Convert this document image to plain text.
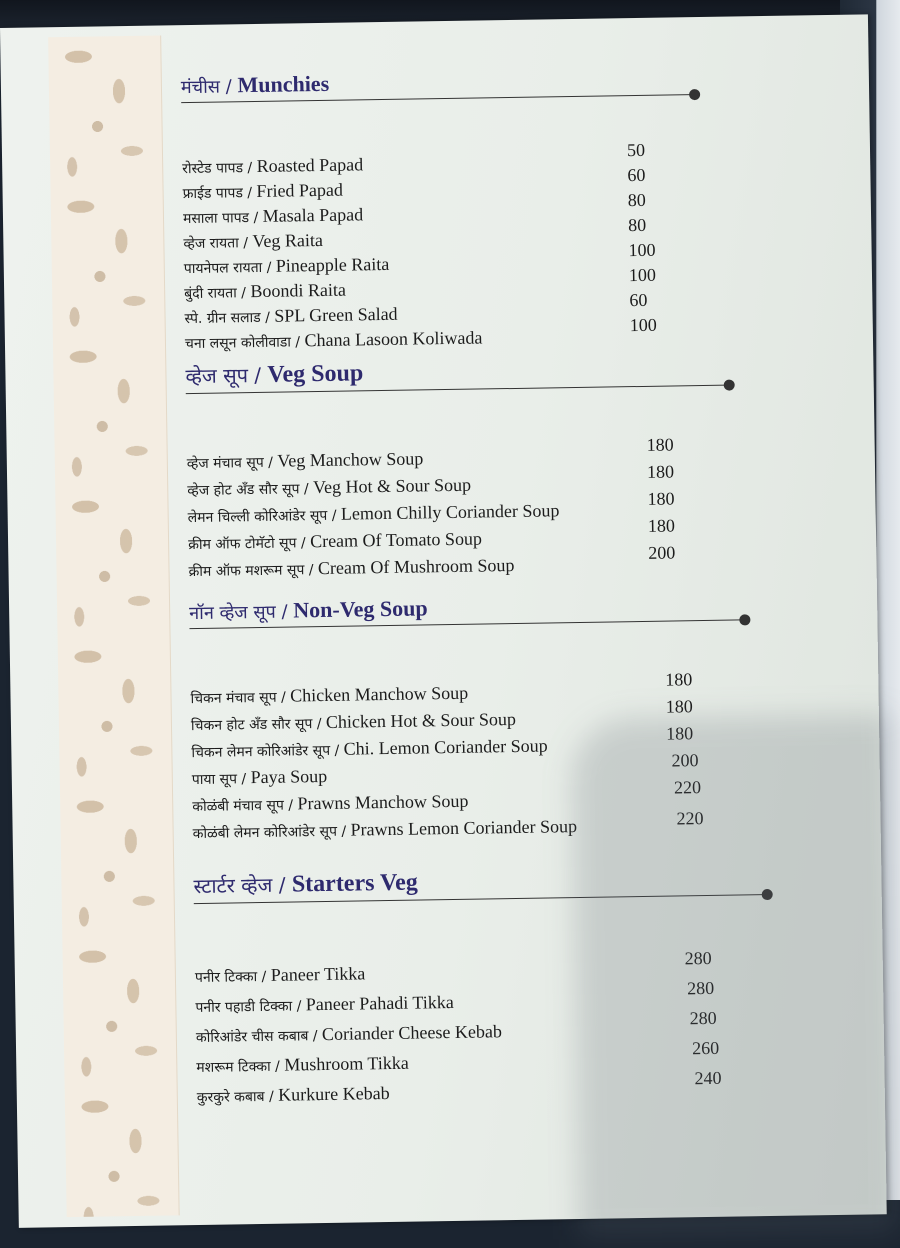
मंचीस / Munchies
रोस्टेड पापड / Roasted Papad
50
फ्राईड पापड / Fried Papad
60
मसाला पापड / Masala Papad
80
व्हेज रायता / Veg Raita
80
पायनेपल रायता / Pineapple Raita
100
बुंदी रायता / Boondi Raita
100
स्पे. ग्रीन सलाड / SPL Green Salad
60
चना लसून कोलीवाडा / Chana Lasoon Koliwada
100
व्हेज सूप / Veg Soup
व्हेज मंचाव सूप / Veg Manchow Soup
180
व्हेज होट अँड सौर सूप / Veg Hot & Sour Soup
180
लेमन चिल्ली कोरिआंडेर सूप / Lemon Chilly Coriander Soup
180
क्रीम ऑफ टोमॅटो सूप / Cream Of Tomato Soup
180
क्रीम ऑफ मशरूम सूप / Cream Of Mushroom Soup
200
नॉन व्हेज सूप / Non-Veg Soup
चिकन मंचाव सूप / Chicken Manchow Soup
180
चिकन होट अँड सौर सूप / Chicken Hot & Sour Soup
180
चिकन लेमन कोरिआंडेर सूप / Chi. Lemon Coriander Soup
180
पाया सूप / Paya Soup
200
कोळंबी मंचाव सूप / Prawns Manchow Soup
220
कोळंबी लेमन कोरिआंडेर सूप / Prawns Lemon Coriander Soup	220
स्टार्टर व्हेज / Starters Veg
पनीर टिक्का / Paneer Tikka
280
पनीर पहाडी टिक्का / Paneer Pahadi Tikka
280
कोरिआंडेर चीस कबाब / Coriander Cheese Kebab
280
मशरूम टिक्का / Mushroom Tikka
260
कुरकुरे कबाब / Kurkure Kebab
240
